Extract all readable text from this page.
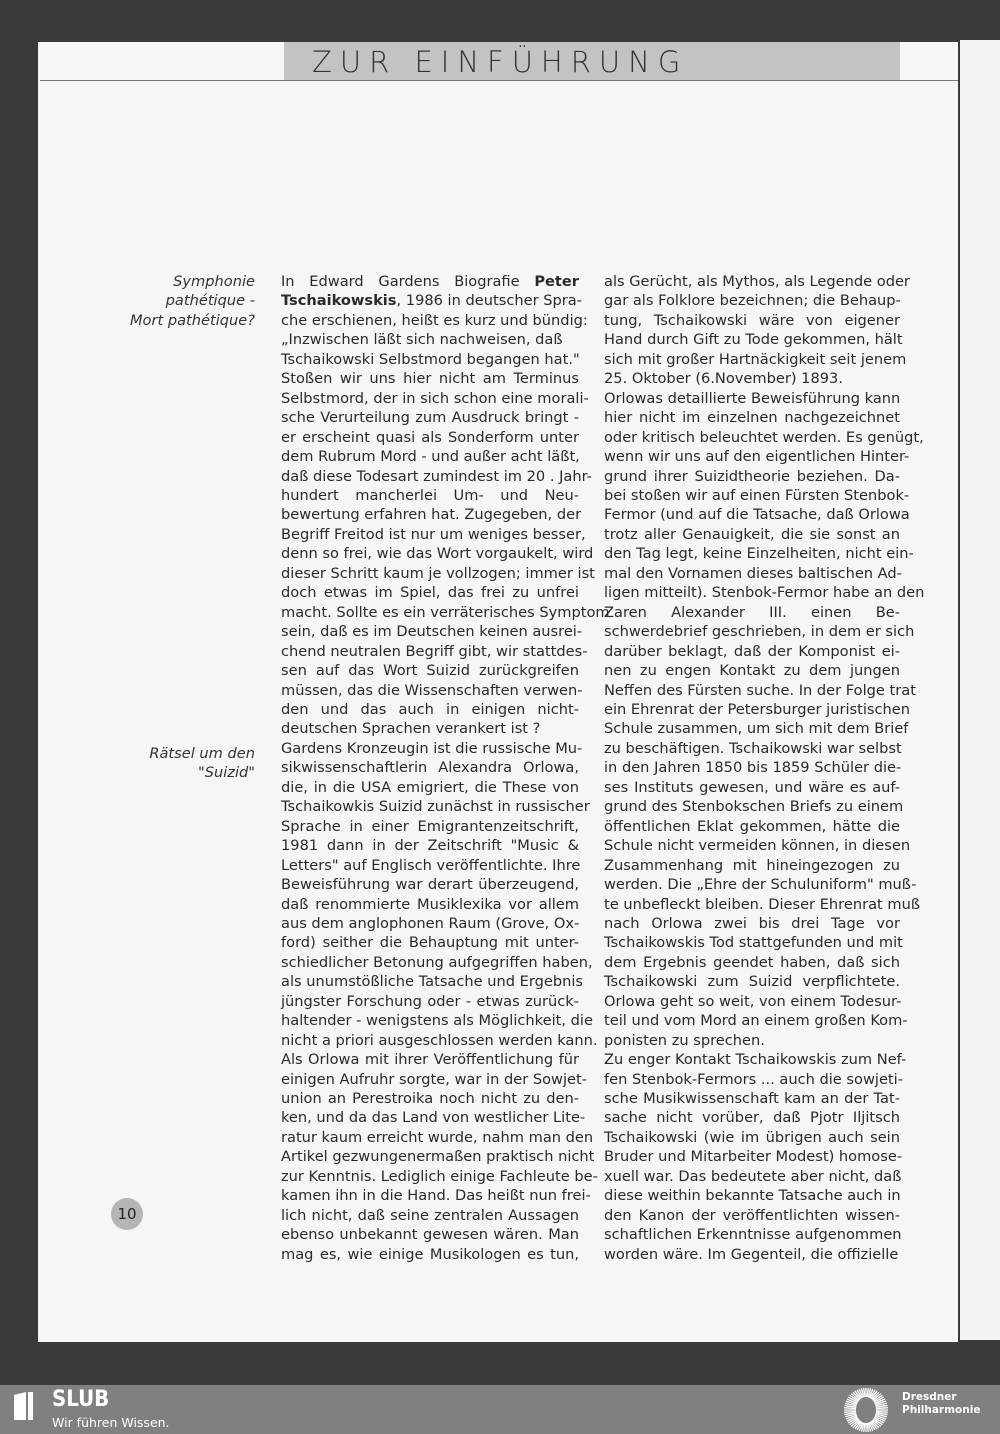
ZUR EINFÜHRUNG
Symphonie
pathétique -
Mort pathétique?
Rätsel um den
"Suizid"
In Edward Gardens Biografie Peter
Tschaikowskis, 1986 in deutscher Spra-
che erschienen, heißt es kurz und bündig:
„Inzwischen läßt sich nachweisen, daß
Tschaikowski Selbstmord begangen hat."
Stoßen wir uns hier nicht am Terminus
Selbstmord, der in sich schon eine morali-
sche Verurteilung zum Ausdruck bringt -
er erscheint quasi als Sonderform unter
dem Rubrum Mord - und außer acht läßt,
daß diese Todesart zumindest im 20 . Jahr-
hundert mancherlei Um- und Neu-
bewertung erfahren hat. Zugegeben, der
Begriff Freitod ist nur um weniges besser,
denn so frei, wie das Wort vorgaukelt, wird
dieser Schritt kaum je vollzogen; immer ist
doch etwas im Spiel, das frei zu unfrei
macht. Sollte es ein verräterisches Symptom
sein, daß es im Deutschen keinen ausrei-
chend neutralen Begriff gibt, wir stattdes-
sen auf das Wort Suizid zurückgreifen
müssen, das die Wissenschaften verwen-
den und das auch in einigen nicht-
deutschen Sprachen verankert ist ?
Gardens Kronzeugin ist die russische Mu-
sikwissenschaftlerin Alexandra Orlowa,
die, in die USA emigriert, die These von
Tschaikowkis Suizid zunächst in russischer
Sprache in einer Emigrantenzeitschrift,
1981 dann in der Zeitschrift "Music &
Letters" auf Englisch veröffentlichte. Ihre
Beweisführung war derart überzeugend,
daß renommierte Musiklexika vor allem
aus dem anglophonen Raum (Grove, Ox-
ford) seither die Behauptung mit unter-
schiedlicher Betonung aufgegriffen haben,
als unumstößliche Tatsache und Ergebnis
jüngster Forschung oder - etwas zurück-
haltender - wenigstens als Möglichkeit, die
nicht a priori ausgeschlossen werden kann.
Als Orlowa mit ihrer Veröffentlichung für
einigen Aufruhr sorgte, war in der Sowjet-
union an Perestroika noch nicht zu den-
ken, und da das Land von westlicher Lite-
ratur kaum erreicht wurde, nahm man den
Artikel gezwungenermaßen praktisch nicht
zur Kenntnis. Lediglich einige Fachleute be-
kamen ihn in die Hand. Das heißt nun frei-
lich nicht, daß seine zentralen Aussagen
ebenso unbekannt gewesen wären. Man
mag es, wie einige Musikologen es tun,
als Gerücht, als Mythos, als Legende oder
gar als Folklore bezeichnen; die Behaup-
tung, Tschaikowski wäre von eigener
Hand durch Gift zu Tode gekommen, hält
sich mit großer Hartnäckigkeit seit jenem
25. Oktober (6.November) 1893.
Orlowas detaillierte Beweisführung kann
hier nicht im einzelnen nachgezeichnet
oder kritisch beleuchtet werden. Es genügt,
wenn wir uns auf den eigentlichen Hinter-
grund ihrer Suizidtheorie beziehen. Da-
bei stoßen wir auf einen Fürsten Stenbok-
Fermor (und auf die Tatsache, daß Orlowa
trotz aller Genauigkeit, die sie sonst an
den Tag legt, keine Einzelheiten, nicht ein-
mal den Vornamen dieses baltischen Ad-
ligen mitteilt). Stenbok-Fermor habe an den
Zaren Alexander III. einen Be-
schwerdebrief geschrieben, in dem er sich
darüber beklagt, daß der Komponist ei-
nen zu engen Kontakt zu dem jungen
Neffen des Fürsten suche. In der Folge trat
ein Ehrenrat der Petersburger juristischen
Schule zusammen, um sich mit dem Brief
zu beschäftigen. Tschaikowski war selbst
in den Jahren 1850 bis 1859 Schüler die-
ses Instituts gewesen, und wäre es auf-
grund des Stenbokschen Briefs zu einem
öffentlichen Eklat gekommen, hätte die
Schule nicht vermeiden können, in diesen
Zusammenhang mit hineingezogen zu
werden. Die „Ehre der Schuluniform" muß-
te unbefleckt bleiben. Dieser Ehrenrat muß
nach Orlowa zwei bis drei Tage vor
Tschaikowskis Tod stattgefunden und mit
dem Ergebnis geendet haben, daß sich
Tschaikowski zum Suizid verpflichtete.
Orlowa geht so weit, von einem Todesur-
teil und vom Mord an einem großen Kom-
ponisten zu sprechen.
Zu enger Kontakt Tschaikowskis zum Nef-
fen Stenbok-Fermors ... auch die sowjeti-
sche Musikwissenschaft kam an der Tat-
sache nicht vorüber, daß Pjotr Iljitsch
Tschaikowski (wie im übrigen auch sein
Bruder und Mitarbeiter Modest) homose-
xuell war. Das bedeutete aber nicht, daß
diese weithin bekannte Tatsache auch in
den Kanon der veröffentlichten wissen-
schaftlichen Erkenntnisse aufgenommen
worden wäre. Im Gegenteil, die offizielle
10
SLUB
Wir führen Wissen.
Dresdner
Philharmonie
